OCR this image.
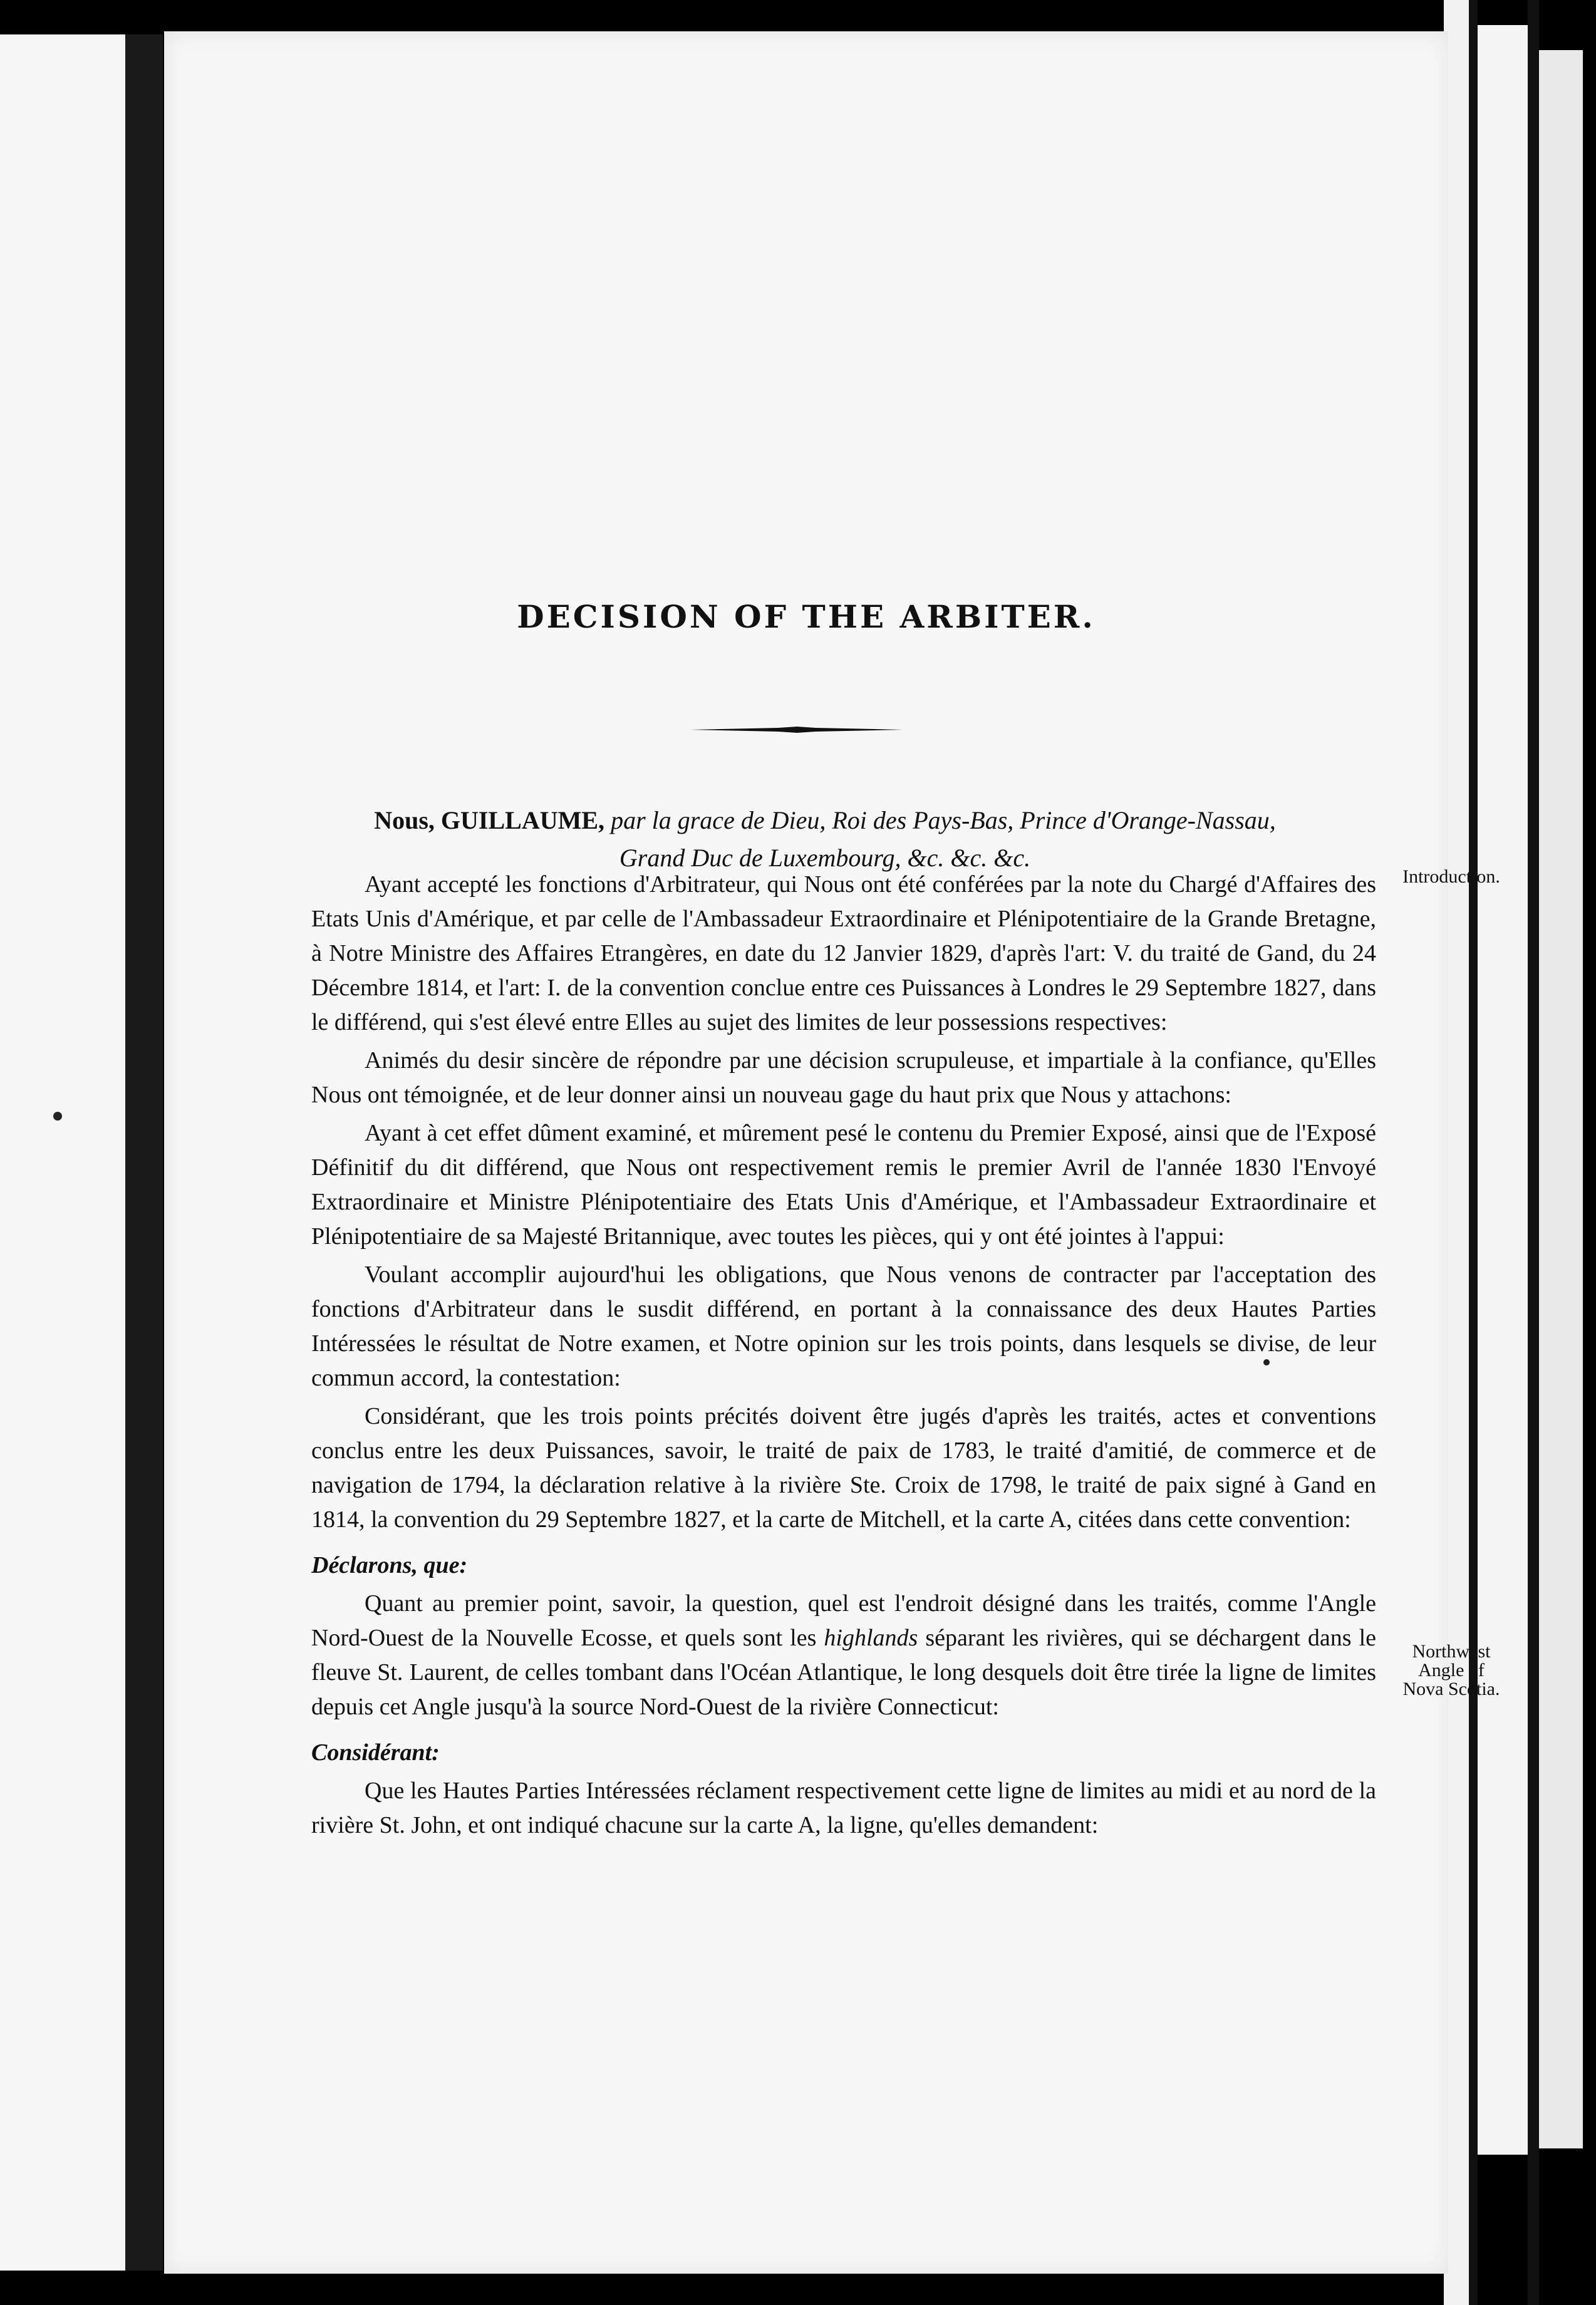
DECISION OF THE ARBITER.
Nous, GUILLAUME, par la grace de Dieu, Roi des Pays-Bas, Prince d'Orange-Nassau,
Grand Duc de Luxembourg, &c. &c. &c.

Ayant accepté les fonctions d'Arbitrateur, qui Nous ont été conférées par la note du Chargé d'Affaires des Etats Unis d'Amérique, et par celle de l'Ambassadeur Extraordinaire et Plénipotentiaire de la Grande Bretagne, à Notre Ministre des Affaires Etrangères, en date du 12 Janvier 1829, d'après l'art: V. du traité de Gand, du 24 Décembre 1814, et l'art: I. de la convention conclue entre ces Puissances à Londres le 29 Septembre 1827, dans le différend, qui s'est élevé entre Elles au sujet des limites de leur possessions respectives:

Animés du desir sincère de répondre par une décision scrupuleuse, et impartiale à la confiance, qu'Elles Nous ont témoignée, et de leur donner ainsi un nouveau gage du haut prix que Nous y attachons:

Ayant à cet effet dûment examiné, et mûrement pesé le contenu du Premier Exposé, ainsi que de l'Exposé Définitif du dit différend, que Nous ont respectivement remis le premier Avril de l'année 1830 l'Envoyé Extraordinaire et Ministre Plénipotentiaire des Etats Unis d'Amérique, et l'Ambassadeur Extraordinaire et Plénipotentiaire de sa Majesté Britannique, avec toutes les pièces, qui y ont été jointes à l'appui:

Voulant accomplir aujourd'hui les obligations, que Nous venons de contracter par l'acceptation des fonctions d'Arbitrateur dans le susdit différend, en portant à la connaissance des deux Hautes Parties Intéressées le résultat de Notre examen, et Notre opinion sur les trois points, dans lesquels se divise, de leur commun accord, la contestation:

Considérant, que les trois points précités doivent être jugés d'après les traités, actes et conventions conclus entre les deux Puissances, savoir, le traité de paix de 1783, le traité d'amitié, de commerce et de navigation de 1794, la déclaration relative à la rivière Ste. Croix de 1798, le traité de paix signé à Gand en 1814, la convention du 29 Septembre 1827, et la carte de Mitchell, et la carte A, citées dans cette convention:

Déclarons, que:

Quant au premier point, savoir, la question, quel est l'endroit désigné dans les traités, comme l'Angle Nord-Ouest de la Nouvelle Ecosse, et quels sont les highlands séparant les rivières, qui se déchargent dans le fleuve St. Laurent, de celles tombant dans l'Océan Atlantique, le long desquels doit être tirée la ligne de limites depuis cet Angle jusqu'à la source Nord-Ouest de la rivière Connecticut:

Considérant:

Que les Hautes Parties Intéressées réclament respectivement cette ligne de limites au midi et au nord de la rivière St. John, et ont indiqué chacune sur la carte A, la ligne, qu'elles demandent:

Introduction.
Northwest Angle of Nova Scotia.
